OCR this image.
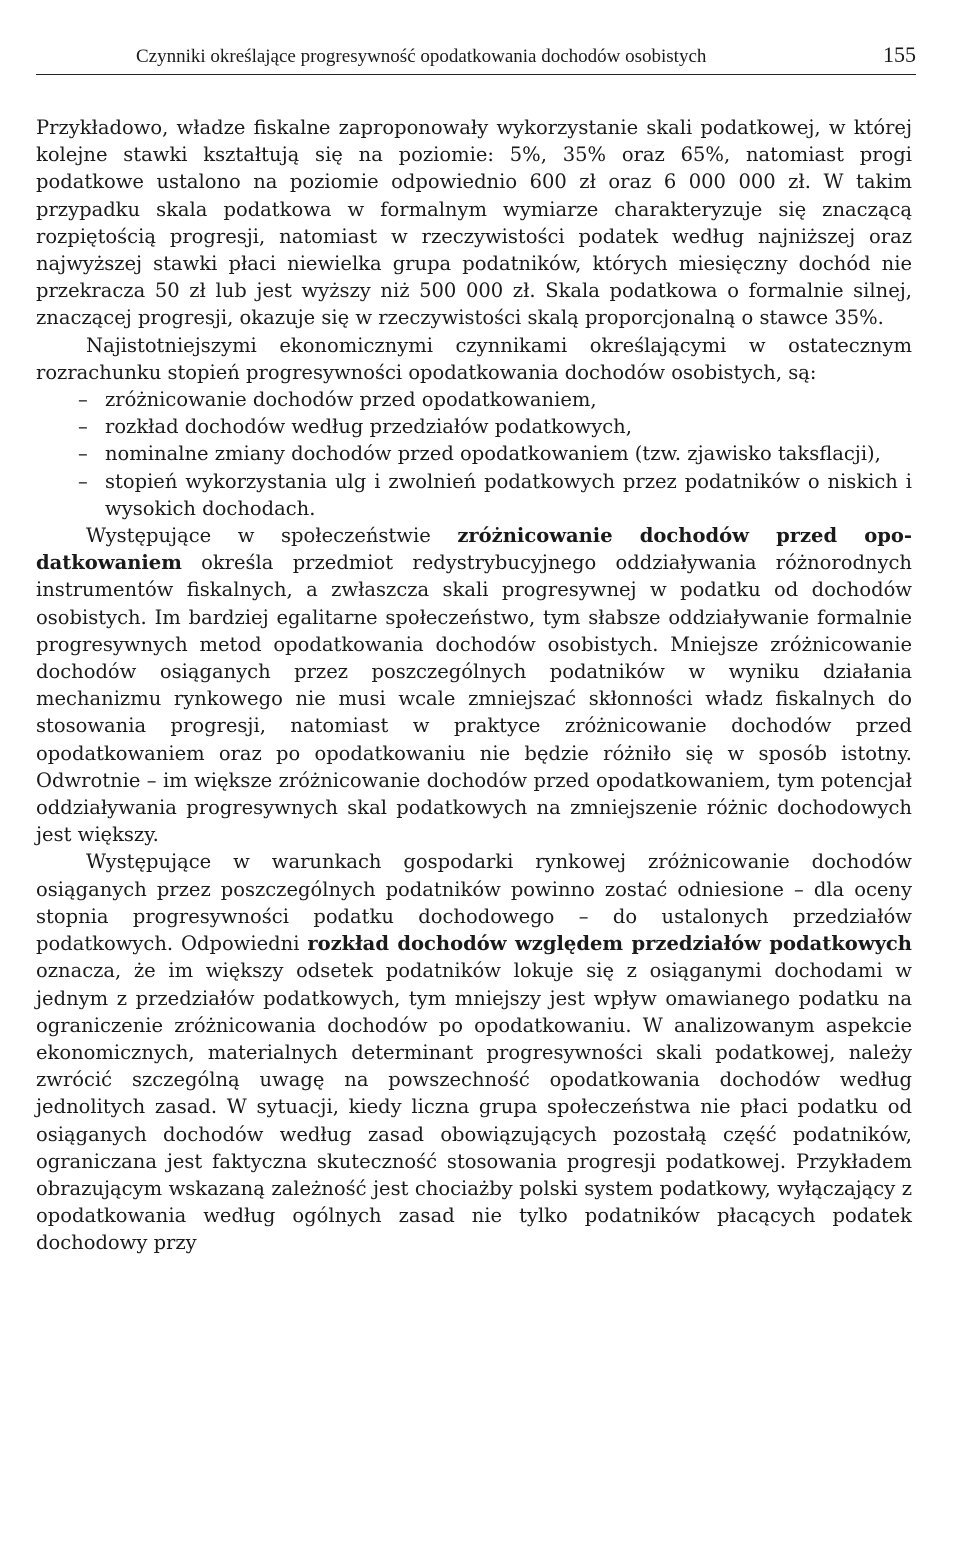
Czynniki określające progresywność opodatkowania dochodów osobistych	155

Przykładowo, władze fiskalne zaproponowały wykorzystanie skali podatkowej, w której kolejne stawki kształtują się na poziomie: 5%, 35% oraz 65%, natomiast progi podatkowe ustalono na poziomie odpowiednio 600 zł oraz 6 000 000 zł. W takim przypadku skala podatkowa w formalnym wymiarze charakteryzuje się znaczącą rozpiętością progresji, natomiast w rzeczywistości podatek według najniższej oraz najwyższej stawki płaci niewielka grupa podatników, których miesięczny dochód nie przekracza 50 zł lub jest wyższy niż 500 000 zł. Skala podatkowa o formalnie silnej, znaczącej progresji, okazuje się w rzeczywistości skalą proporcjonalną o stawce 35%.

Najistotniejszymi ekonomicznymi czynnikami określającymi w ostatecznym rozrachunku stopień progresywności opodatkowania dochodów osobistych, są:

– zróżnicowanie dochodów przed opodatkowaniem,
– rozkład dochodów według przedziałów podatkowych,
– nominalne zmiany dochodów przed opodatkowaniem (tzw. zjawisko taksflacji),
– stopień wykorzystania ulg i zwolnień podatkowych przez podatników o niskich i wysokich dochodach.

Występujące w społeczeństwie zróżnicowanie dochodów przed opodatkowaniem określa przedmiot redystrybucyjnego oddziaływania różnorodnych instrumentów fiskalnych, a zwłaszcza skali progresywnej w podatku od dochodów osobistych. Im bardziej egalitarne społeczeństwo, tym słabsze oddziaływanie formalnie progresywnych metod opodatkowania dochodów osobistych. Mniejsze zróżnicowanie dochodów osiąganych przez poszczególnych podatników w wyniku działania mechanizmu rynkowego nie musi wcale zmniejszać skłonności władz fiskalnych do stosowania progresji, natomiast w praktyce zróżnicowanie dochodów przed opodatkowaniem oraz po opodatkowaniu nie będzie różniło się w sposób istotny. Odwrotnie – im większe zróżnicowanie dochodów przed opodatkowaniem, tym potencjał oddziaływania progresywnych skal podatkowych na zmniejszenie różnic dochodowych jest większy.

Występujące w warunkach gospodarki rynkowej zróżnicowanie dochodów osiąganych przez poszczególnych podatników powinno zostać odniesione – dla oceny stopnia progresywności podatku dochodowego – do ustalonych przedziałów podatkowych. Odpowiedni rozkład dochodów względem przedziałów podatkowych oznacza, że im większy odsetek podatników lokuje się z osiąganymi dochodami w jednym z przedziałów podatkowych, tym mniejszy jest wpływ omawianego podatku na ograniczenie zróżnicowania dochodów po opodatkowaniu. W analizowanym aspekcie ekonomicznych, materialnych determinant progresywności skali podatkowej, należy zwrócić szczególną uwagę na powszechność opodatkowania dochodów według jednolitych zasad. W sytuacji, kiedy liczna grupa społeczeństwa nie płaci podatku od osiąganych dochodów według zasad obowiązujących pozostałą część podatników, ograniczana jest faktyczna skuteczność stosowania progresji podatkowej. Przykładem obrazującym wskazaną zależność jest chociażby polski system podatkowy, wyłączający z opodatkowania według ogólnych zasad nie tylko podatników płacących podatek dochodowy przy
